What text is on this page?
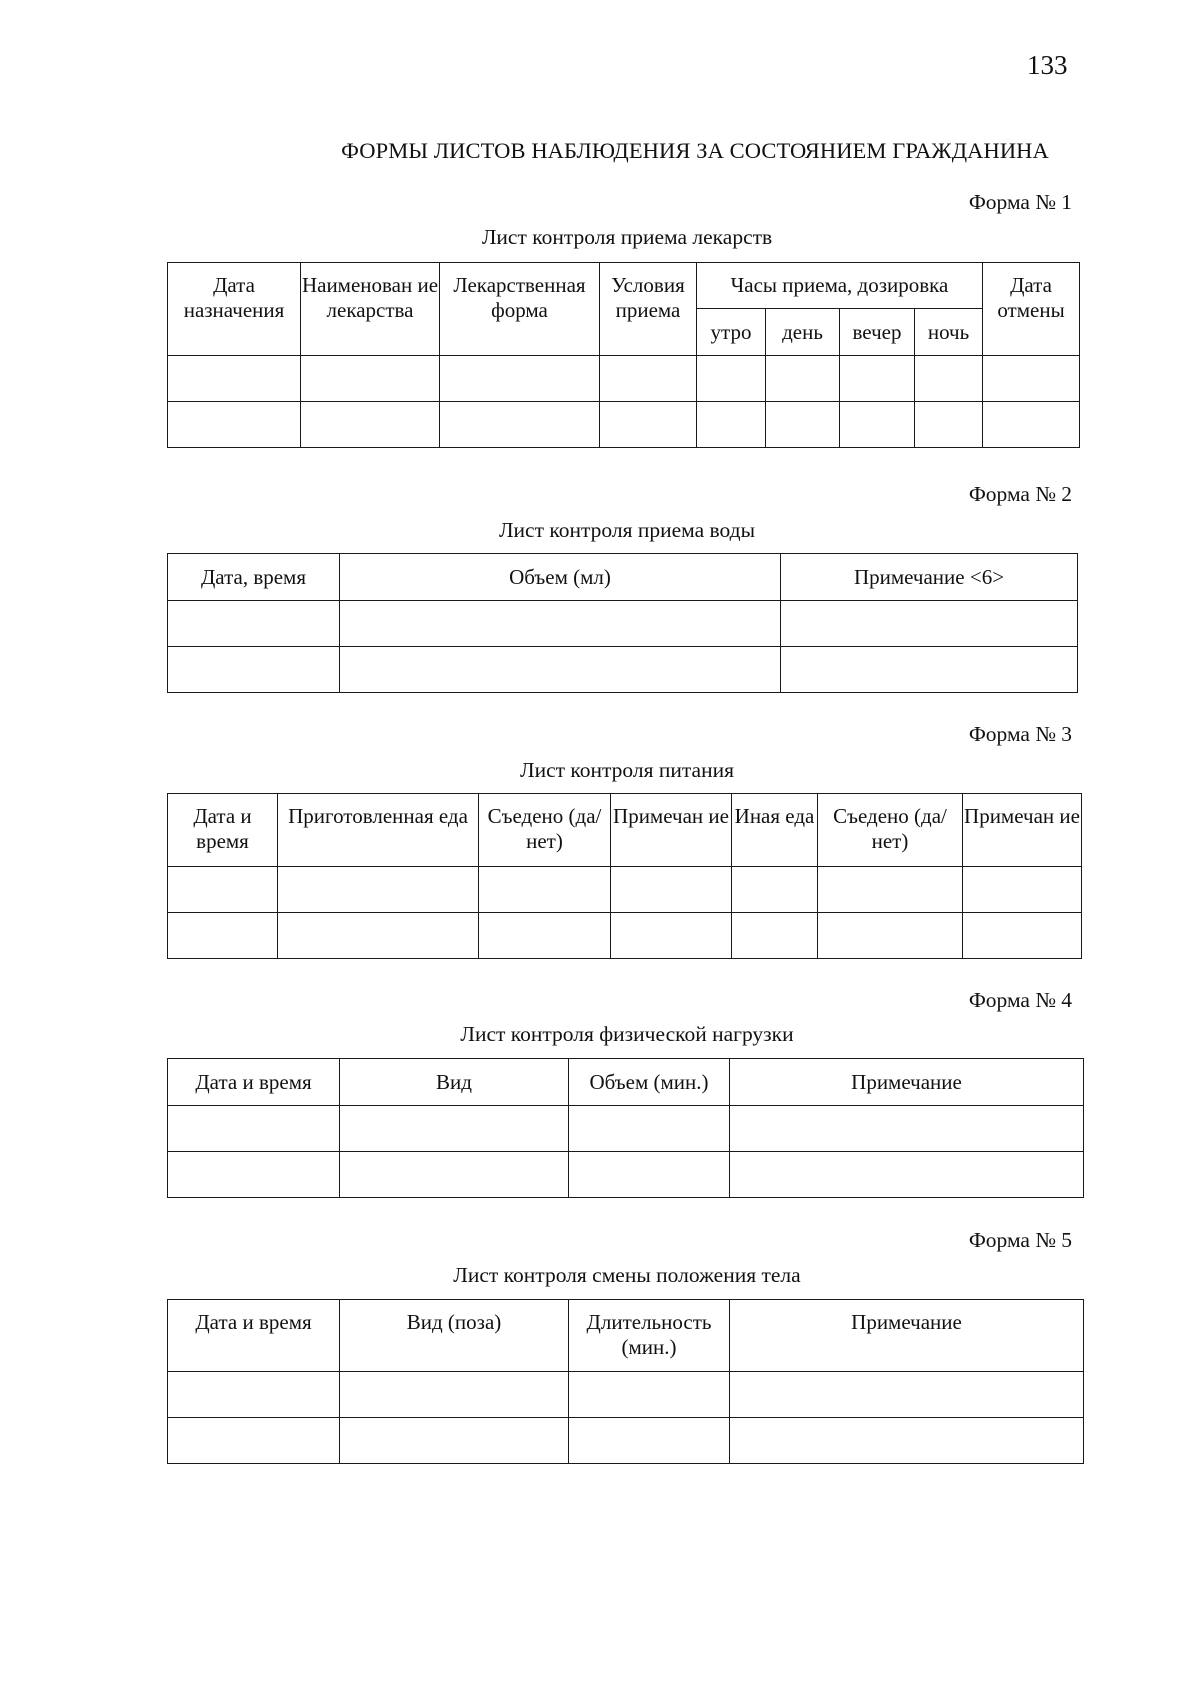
133
ФОРМЫ ЛИСТОВ НАБЛЮДЕНИЯ ЗА СОСТОЯНИЕМ ГРАЖДАНИНА
Форма № 1
Лист контроля приема лекарств
Дата назначения	Наименован ие лекарства	Лекарственная форма	Условия приема	Часы приема, дозировка				Дата отмены
				утро	день	вечер	ночь	

Форма № 2
Лист контроля приема воды
Дата, время	Объем (мл)	Примечание <6>

Форма № 3
Лист контроля питания
Дата и время	Приготовленная еда	Съедено (да/нет)	Примечан ие	Иная еда	Съедено (да/нет)	Примечан ие

Форма № 4
Лист контроля физической нагрузки
Дата и время	Вид	Объем (мин.)	Примечание

Форма № 5
Лист контроля смены положения тела
Дата и время	Вид (поза)	Длительность (мин.)	Примечание
